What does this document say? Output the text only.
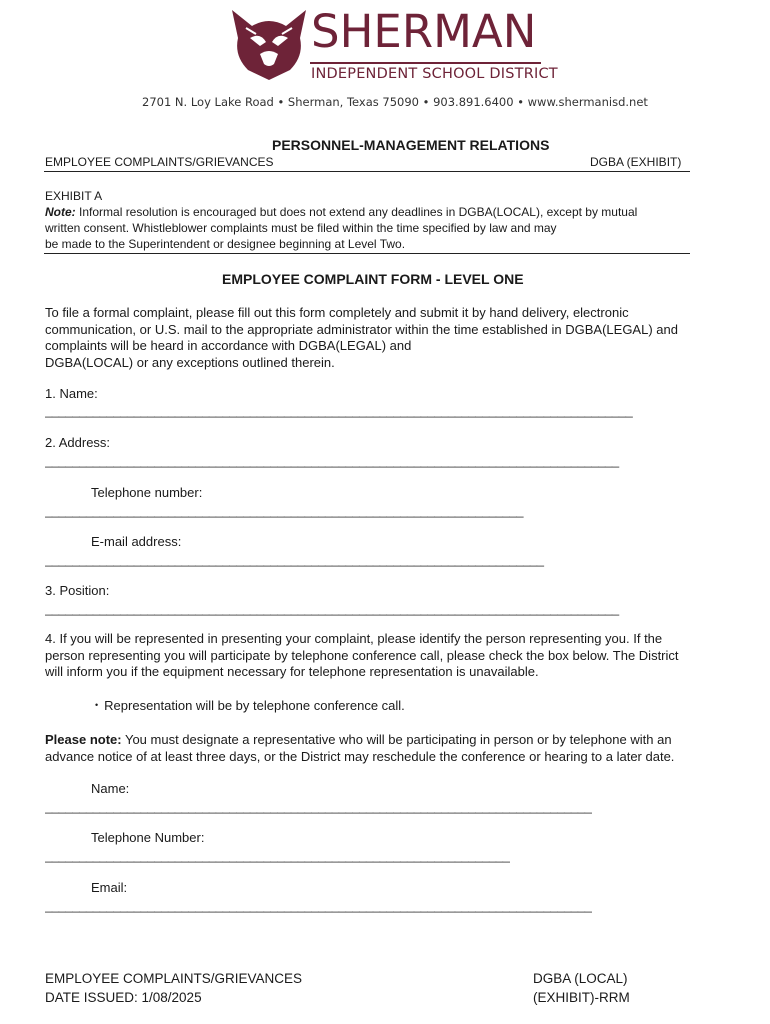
SHERMAN
INDEPENDENT SCHOOL DISTRICT
2701 N. Loy Lake Road • Sherman, Texas 75090 • 903.891.6400 • www.shermanisd.net
PERSONNEL-MANAGEMENT RELATIONS
EMPLOYEE COMPLAINTS/GRIEVANCES	DGBA (EXHIBIT)
EXHIBIT A
Note: Informal resolution is encouraged but does not extend any deadlines in DGBA(LOCAL), except by mutual
written consent. Whistleblower complaints must be filed within the time specified by law and may
be made to the Superintendent or designee beginning at Level Two.
EMPLOYEE COMPLAINT FORM - LEVEL ONE
To file a formal complaint, please fill out this form completely and submit it by hand delivery, electronic
communication, or U.S. mail to the appropriate administrator within the time established in DGBA(LEGAL) and
complaints will be heard in accordance with DGBA(LEGAL) and
DGBA(LOCAL) or any exceptions outlined therein.
1. Name:
______________________________________________________________________________________
2. Address:
____________________________________________________________________________________
Telephone number:
______________________________________________________________________
E-mail address:
_________________________________________________________________________
3. Position:
____________________________________________________________________________________
4. If you will be represented in presenting your complaint, please identify the person representing you. If the
person representing you will participate by telephone conference call, please check the box below. The District
will inform you if the equipment necessary for telephone representation is unavailable.
• Representation will be by telephone conference call.
Please note: You must designate a representative who will be participating in person or by telephone with an
advance notice of at least three days, or the District may reschedule the conference or hearing to a later date.
Name:
________________________________________________________________________________
Telephone Number:
____________________________________________________________________
Email:
________________________________________________________________________________
EMPLOYEE COMPLAINTS/GRIEVANCES
DATE ISSUED: 1/08/2025
DGBA (LOCAL)
(EXHIBIT)-RRM
